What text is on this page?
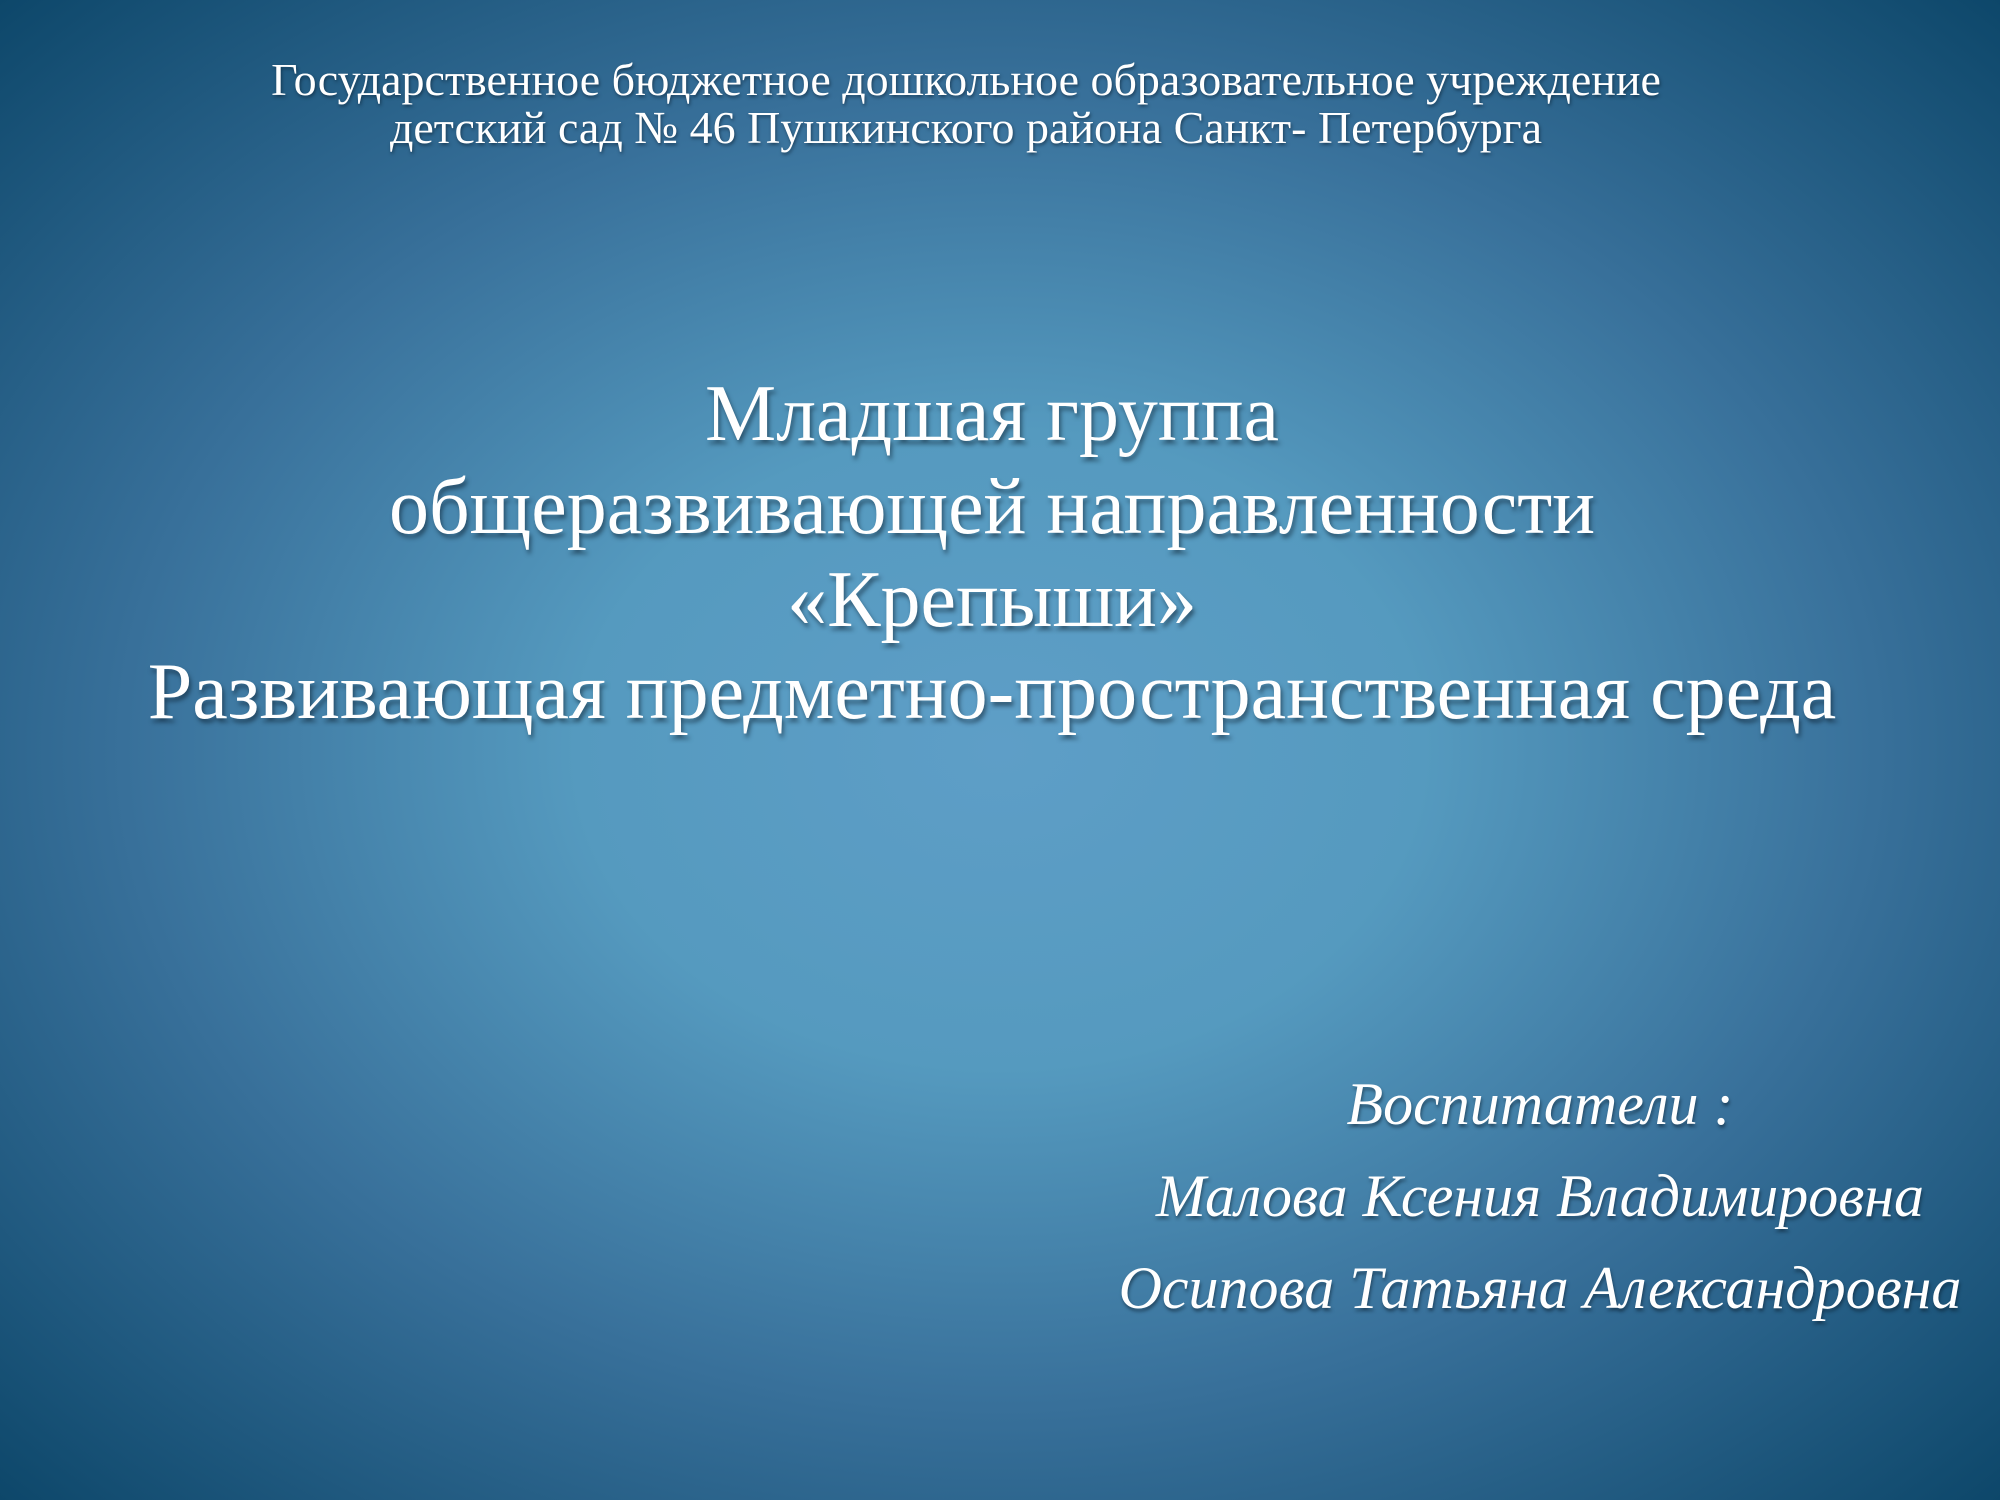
Государственное бюджетное дошкольное образовательное учреждение
детский сад № 46 Пушкинского района Санкт- Петербурга
Младшая группа
общеразвивающей направленности
«Крепыши»
Развивающая предметно-пространственная среда
Воспитатели :
Малова Ксения Владимировна
Осипова Татьяна Александровна
